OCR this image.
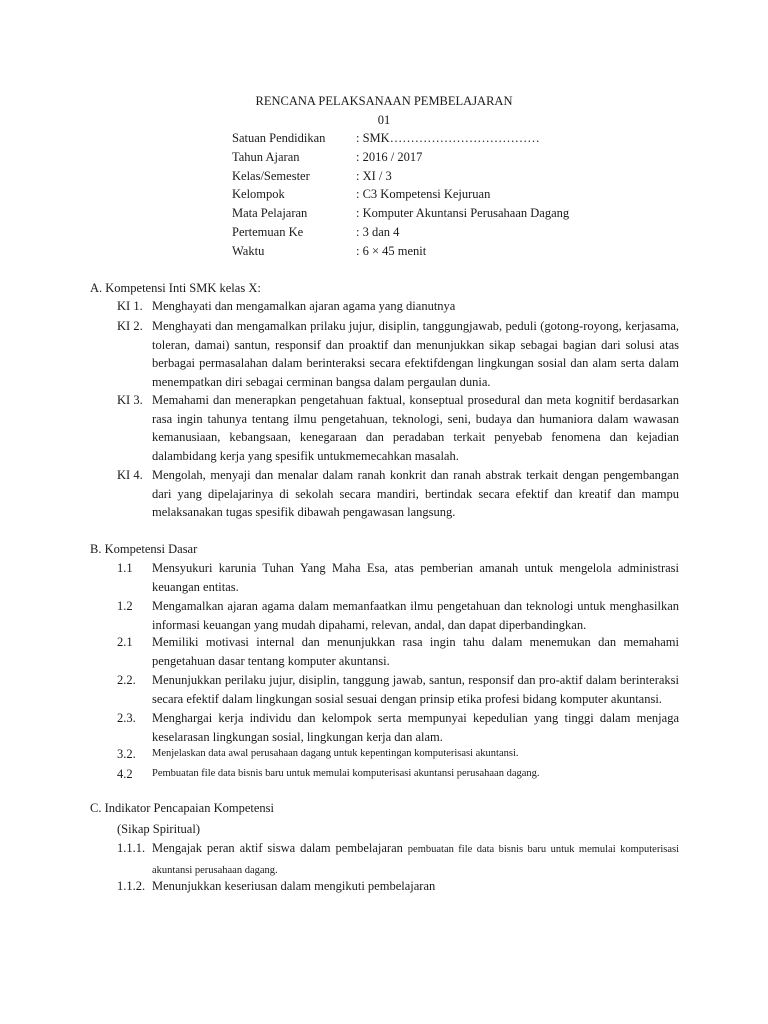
RENCANA PELAKSANAAN PEMBELAJARAN
01
Satuan Pendidikan : SMK………………………………
Tahun Ajaran	: 2016 / 2017
Kelas/Semester	: XI / 3
Kelompok	: C3 Kompetensi Kejuruan
Mata Pelajaran	: Komputer Akuntansi Perusahaan Dagang
Pertemuan Ke	: 3 dan 4
Waktu	: 6 × 45 menit
A. Kompetensi Inti SMK kelas X:
KI 1. Menghayati dan mengamalkan ajaran agama yang dianutnya
KI 2. Menghayati dan mengamalkan prilaku jujur, disiplin, tanggungjawab, peduli (gotong-royong, kerjasama, toleran, damai) santun, responsif dan proaktif dan menunjukkan sikap sebagai bagian dari solusi atas berbagai permasalahan dalam berinteraksi secara efektifdengan lingkungan sosial dan alam serta dalam menempatkan diri sebagai cerminan bangsa dalam pergaulan dunia.
KI 3. Memahami dan menerapkan pengetahuan faktual, konseptual prosedural dan meta kognitif berdasarkan rasa ingin tahunya tentang ilmu pengetahuan, teknologi, seni, budaya dan humaniora dalam wawasan kemanusiaan, kebangsaan, kenegaraan dan peradaban terkait penyebab fenomena dan kejadian dalambidang kerja yang spesifik untukmemecahkan masalah.
KI 4. Mengolah, menyaji dan menalar dalam ranah konkrit dan ranah abstrak terkait dengan pengembangan dari yang dipelajarinya di sekolah secara mandiri, bertindak secara efektif dan kreatif dan mampu melaksanakan tugas spesifik dibawah pengawasan langsung.
B. Kompetensi Dasar
1.1	Mensyukuri karunia Tuhan Yang Maha Esa, atas pemberian amanah untuk mengelola administrasi keuangan entitas.
1.2	Mengamalkan ajaran agama dalam memanfaatkan ilmu pengetahuan dan teknologi untuk menghasilkan informasi keuangan yang mudah dipahami, relevan, andal, dan dapat diperbandingkan.
2.1	Memiliki motivasi internal dan menunjukkan rasa ingin tahu dalam menemukan dan memahami pengetahuan dasar tentang komputer akuntansi.
2.2.	Menunjukkan perilaku jujur, disiplin, tanggung jawab, santun, responsif dan pro-aktif dalam berinteraksi secara efektif dalam lingkungan sosial sesuai dengan prinsip etika profesi bidang komputer akuntansi.
2.3.	Menghargai kerja individu dan kelompok serta mempunyai kepedulian yang tinggi dalam menjaga keselarasan lingkungan sosial, lingkungan kerja dan alam.
3.2.	Menjelaskan data awal perusahaan dagang untuk kepentingan komputerisasi akuntansi.
4.2	Pembuatan file data bisnis baru untuk memulai komputerisasi akuntansi perusahaan dagang.
C. Indikator Pencapaian Kompetensi
(Sikap Spiritual)
1.1.1. Mengajak peran aktif siswa dalam pembelajaran pembuatan file data bisnis baru untuk memulai komputerisasi akuntansi perusahaan dagang.
1.1.2. Menunjukkan keseriusan dalam mengikuti pembelajaran
